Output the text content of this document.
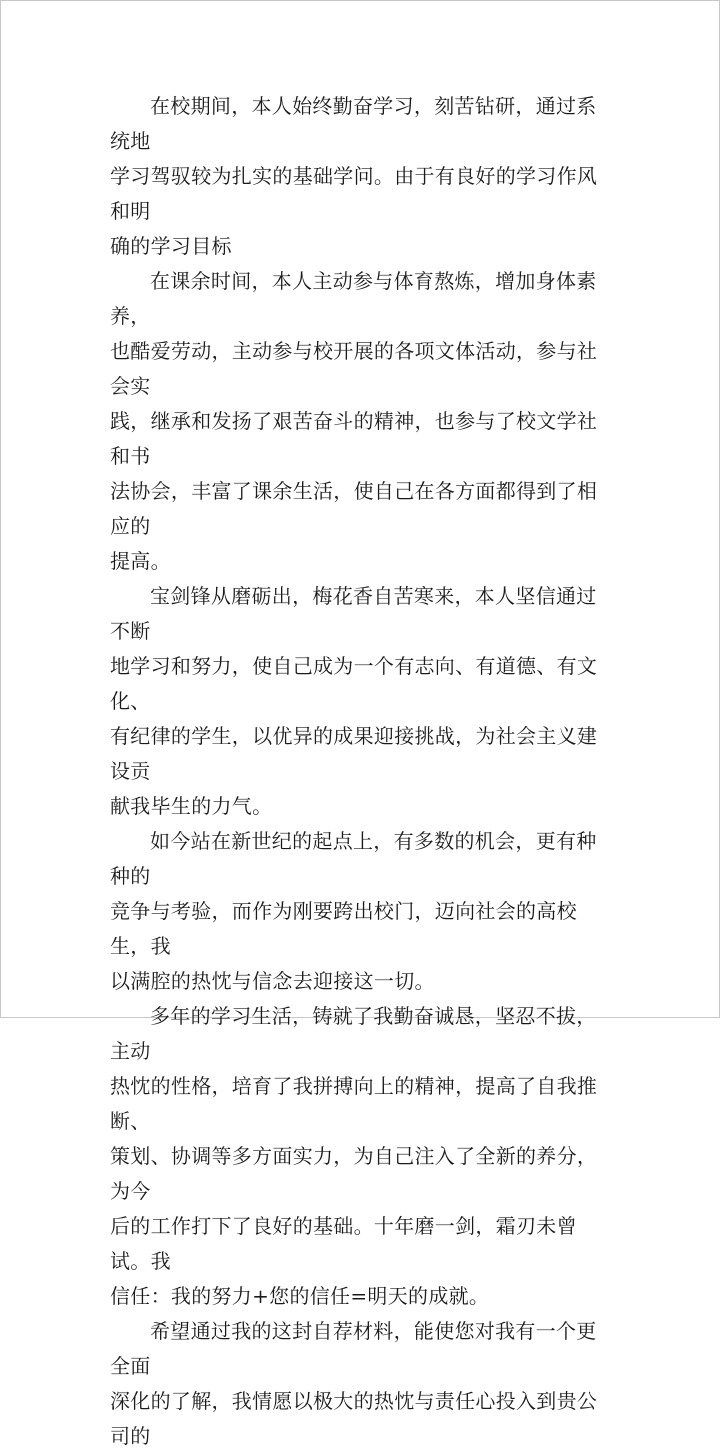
在校期间，本人始终勤奋学习，刻苦钻研，通过系统地
学习驾驭较为扎实的基础学问。由于有良好的学习作风和明
确的学习目标

在课余时间，本人主动参与体育熬炼，增加身体素养，
也酷爱劳动，主动参与校开展的各项文体活动，参与社会实
践，继承和发扬了艰苦奋斗的精神，也参与了校文学社和书
法协会，丰富了课余生活，使自己在各方面都得到了相应的
提高。

宝剑锋从磨砺出，梅花香自苦寒来，本人坚信通过不断
地学习和努力，使自己成为一个有志向、有道德、有文化、
有纪律的学生，以优异的成果迎接挑战，为社会主义建设贡
献我毕生的力气。

如今站在新世纪的起点上，有多数的机会，更有种种的
竞争与考验，而作为刚要跨出校门，迈向社会的高校生，我
以满腔的热忱与信念去迎接这一切。

多年的学习生活，铸就了我勤奋诚恳，坚忍不拔，主动
热忱的性格，培育了我拼搏向上的精神，提高了自我推断、
策划、协调等多方面实力，为自己注入了全新的养分，为今
后的工作打下了良好的基础。十年磨一剑，霜刃未曾试。我
信任：我的努力+您的信任=明天的成就。

希望通过我的这封自荐材料，能使您对我有一个更全面
深化的了解，我情愿以极大的热忱与责任心投入到贵公司的
